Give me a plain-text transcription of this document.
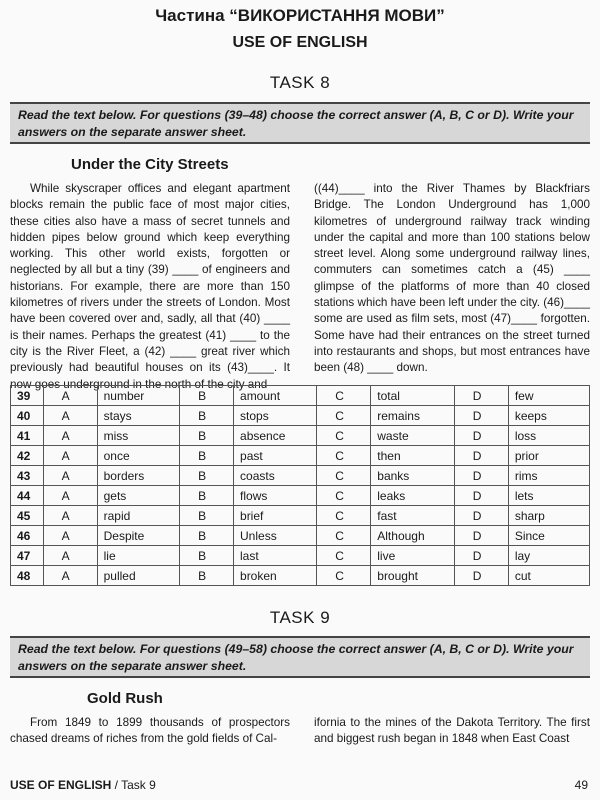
Частина “ВИКОРИСТАННЯ МОВИ”
USE OF ENGLISH
TASK 8
Read the text below. For questions (39–48) choose the correct answer (A, B, C or D). Write your answers on the separate answer sheet.
Under the City Streets

While skyscraper offices and elegant apartment blocks remain the public face of most major cities, these cities also have a mass of secret tunnels and hidden pipes below ground which keep everything working. This other world exists, forgotten or neglected by all but a tiny (39) ____ of engineers and historians. For example, there are more than 150 kilometres of rivers under the streets of London. Most have been covered over and, sadly, all that (40) ____ is their names. Perhaps the greatest (41) ____ to the city is the River Fleet, a (42) ____ great river which previously had beautiful houses on its (43)____. It now goes underground in the north of the city and

((44)____ into the River Thames by Blackfriars Bridge. The London Underground has 1,000 kilometres of underground railway track winding under the capital and more than 100 stations below street level. Along some underground railway lines, commuters can sometimes catch a (45) ____ glimpse of the platforms of more than 40 closed stations which have been left under the city. (46)____ some are used as film sets, most (47)____ forgotten. Some have had their entrances on the street turned into restaurants and shops, but most entrances have been (48) ____ down.

39	A	number	B	amount	C	total	D	few
40	A	stays	B	stops	C	remains	D	keeps
41	A	miss	B	absence	C	waste	D	loss
42	A	once	B	past	C	then	D	prior
43	A	borders	B	coasts	C	banks	D	rims
44	A	gets	B	flows	C	leaks	D	lets
45	A	rapid	B	brief	C	fast	D	sharp
46	A	Despite	B	Unless	C	Although	D	Since
47	A	lie	B	last	C	live	D	lay
48	A	pulled	B	broken	C	brought	D	cut
TASK 9
Read the text below. For questions (49–58) choose the correct answer (A, B, C or D). Write your answers on the separate answer sheet.
Gold Rush

From 1849 to 1899 thousands of prospectors chased dreams of riches from the gold fields of Cal-

ifornia to the mines of the Dakota Territory. The first and biggest rush began in 1848 when East Coast

USE OF ENGLISH / Task 9	49
